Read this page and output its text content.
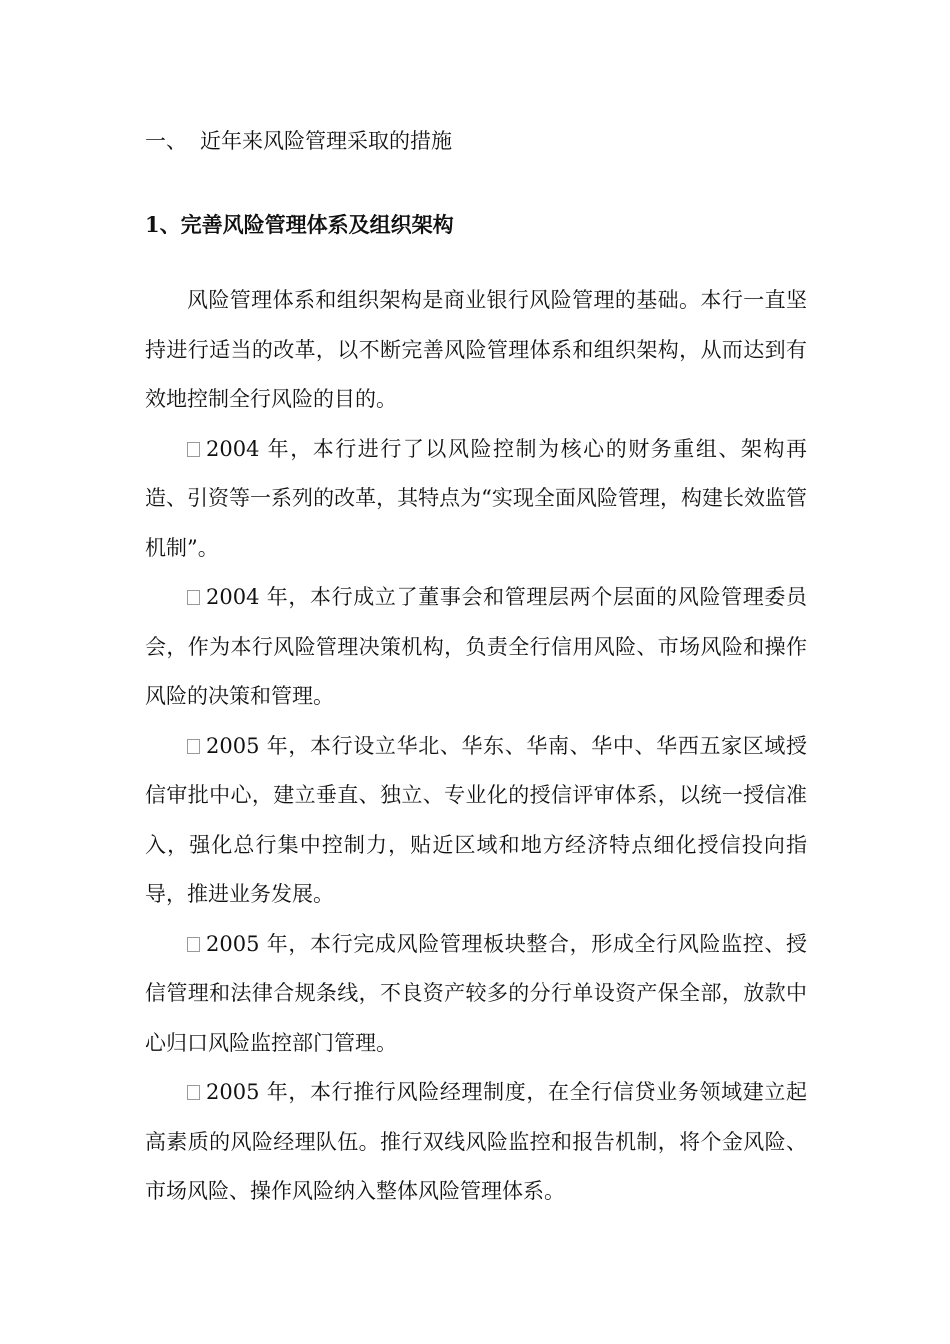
一、 近年来风险管理采取的措施
1、完善风险管理体系及组织架构

风险管理体系和组织架构是商业银行风险管理的基础。本行一直坚持进行适当的改革，以不断完善风险管理体系和组织架构，从而达到有效地控制全行风险的目的。

2004 年，本行进行了以风险控制为核心的财务重组、架构再造、引资等一系列的改革，其特点为“实现全面风险管理，构建长效监管机制”。

2004 年，本行成立了董事会和管理层两个层面的风险管理委员会，作为本行风险管理决策机构，负责全行信用风险、市场风险和操作风险的决策和管理。

2005 年，本行设立华北、华东、华南、华中、华西五家区域授信审批中心，建立垂直、独立、专业化的授信评审体系，以统一授信准入，强化总行集中控制力，贴近区域和地方经济特点细化授信投向指导，推进业务发展。

2005 年，本行完成风险管理板块整合，形成全行风险监控、授信管理和法律合规条线，不良资产较多的分行单设资产保全部，放款中心归口风险监控部门管理。

2005 年，本行推行风险经理制度，在全行信贷业务领域建立起高素质的风险经理队伍。推行双线风险监控和报告机制，将个金风险、市场风险、操作风险纳入整体风险管理体系。
